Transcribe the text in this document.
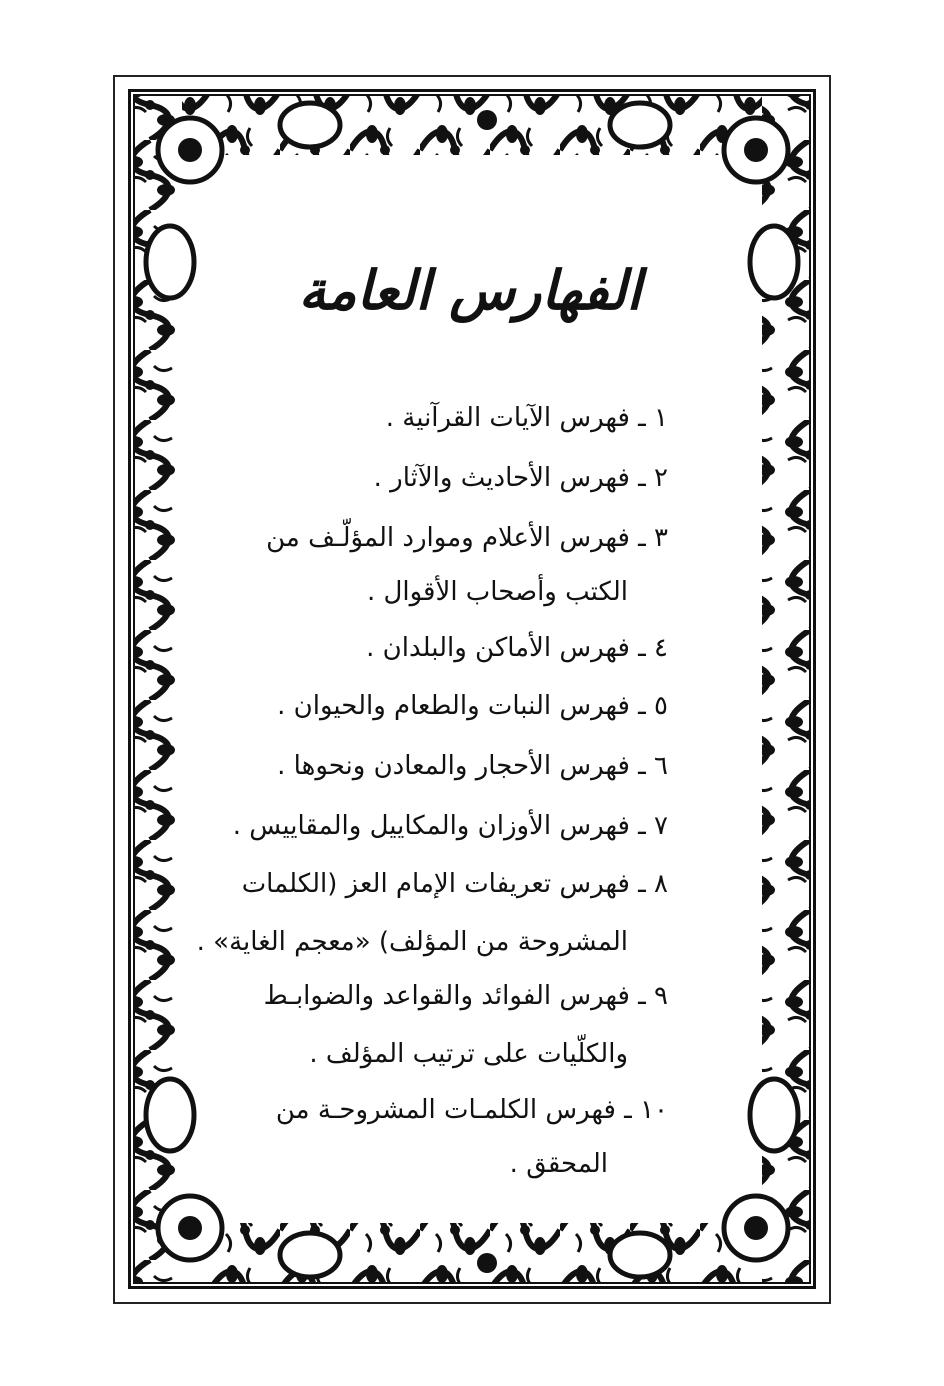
الفهارس العامة
١ ـ فهرس الآيات القرآنية .
٢ ـ فهرس الأحاديث والآثار .
٣ ـ فهرس الأعلام وموارد المؤلّـف من
الكتب وأصحاب الأقوال .
٤ ـ فهرس الأماكن والبلدان .
٥ ـ فهرس النبات والطعام والحيوان .
٦ ـ فهرس الأحجار والمعادن ونحوها .
٧ ـ فهرس الأوزان والمكاييل والمقاييس .
٨ ـ فهرس تعريفات الإمام العز (الكلمات
المشروحة من المؤلف) «معجم الغاية» .
٩ ـ فهرس الفوائد والقواعد والضوابـط
والكلّيات على ترتيب المؤلف .
١٠ ـ فهرس الكلمـات المشروحـة من
المحقق .
